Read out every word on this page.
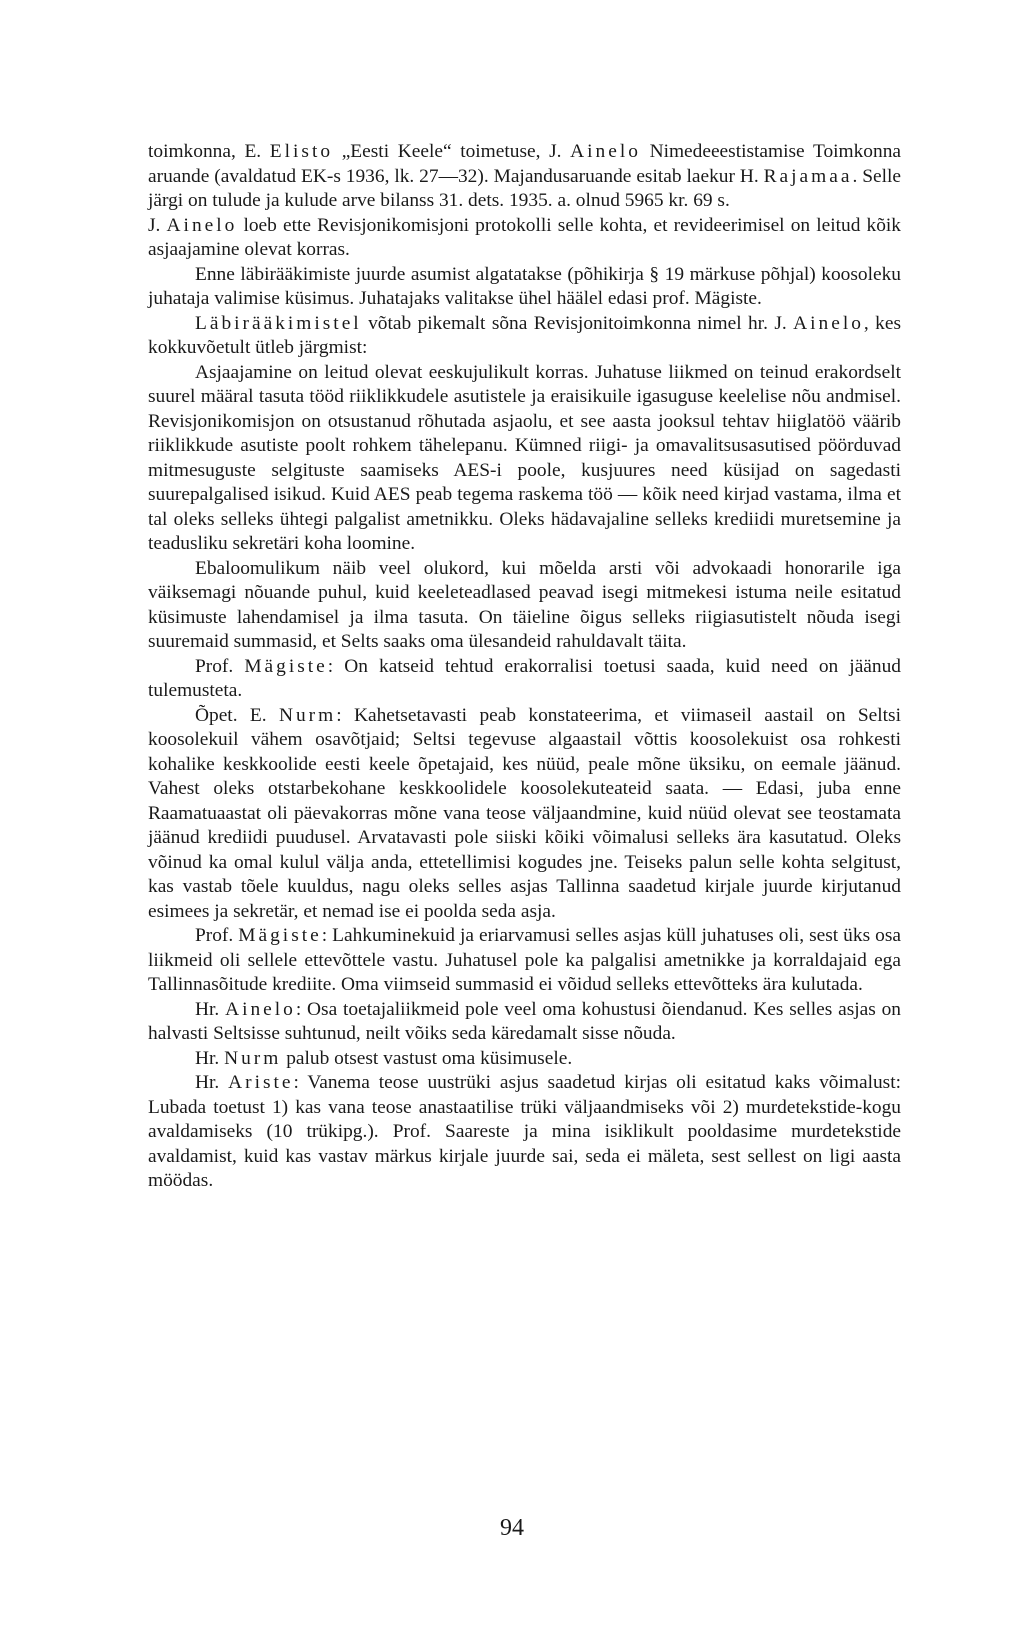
toimkonna, E. Elisto „Eesti Keele“ toimetuse, J. Ainelo Nimedeeestistamise Toimkonna aruande (avaldatud EK-s 1936, lk. 27—32). Majandusaruande esitab laekur H. Rajamaa. Selle järgi on tulude ja kulude arve bilanss 31. dets. 1935. a. olnud 5965 kr. 69 s.

J. Ainelo loeb ette Revisjonikomisjoni protokolli selle kohta, et revideerimisel on leitud kõik asjaajamine olevat korras.

Enne läbirääkimiste juurde asumist algatatakse (põhikirja § 19 märkuse põhjal) koosoleku juhataja valimise küsimus. Juhatajaks valitakse ühel häälel edasi prof. Mägiste.

Läbirääkimistel võtab pikemalt sõna Revisjonitoimkonna nimel hr. J. Ainelo, kes kokkuvõetult ütleb järgmist:

Asjaajamine on leitud olevat eeskujulikult korras. Juhatuse liikmed on teinud erakordselt suurel määral tasuta tööd riiklikkudele asutistele ja eraisikuile igasuguse keelelise nõu andmisel. Revisjonikomisjon on otsustanud rõhutada asjaolu, et see aasta jooksul tehtav hiiglatöö väärib riiklikkude asutiste poolt rohkem tähelepanu. Kümned riigi- ja omavalitsusasutised pöörduvad mitmesuguste selgituste saamiseks AES-i poole, kusjuures need küsijad on sagedasti suurepalgalised isikud. Kuid AES peab tegema raskema töö — kõik need kirjad vastama, ilma et tal oleks selleks ühtegi palgalist ametnikku. Oleks hädavajaline selleks krediidi muretsemine ja teadusliku sekretäri koha loomine.

Ebaloomulikum näib veel olukord, kui mõelda arsti või advokaadi honorarile iga väiksemagi nõuande puhul, kuid keeleteadlased peavad isegi mitmekesi istuma neile esitatud küsimuste lahendamisel ja ilma tasuta. On täieline õigus selleks riigiasutistelt nõuda isegi suuremaid summasid, et Selts saaks oma ülesandeid rahuldavalt täita.

Prof. Mägiste: On katseid tehtud erakorralisi toetusi saada, kuid need on jäänud tulemusteta.

Õpet. E. Nurm: Kahetsetavasti peab konstateerima, et viimaseil aastail on Seltsi koosolekuil vähem osavõtjaid; Seltsi tegevuse algaastail võttis koosolekuist osa rohkesti kohalike keskkoolide eesti keele õpetajaid, kes nüüd, peale mõne üksiku, on eemale jäänud. Vahest oleks otstarbekohane keskkoolidele koosolekuteateid saata. — Edasi, juba enne Raamatuaastat oli päevakorras mõne vana teose väljaandmine, kuid nüüd olevat see teostamata jäänud krediidi puudusel. Arvatavasti pole siiski kõiki võimalusi selleks ära kasutatud. Oleks võinud ka omal kulul välja anda, ettetellimisi kogudes jne. Teiseks palun selle kohta selgitust, kas vastab tõele kuuldus, nagu oleks selles asjas Tallinna saadetud kirjale juurde kirjutanud esimees ja sekretär, et nemad ise ei poolda seda asja.

Prof. Mägiste: Lahkuminekuid ja eriarvamusi selles asjas küll juhatuses oli, sest üks osa liikmeid oli sellele ettevõttele vastu. Juhatusel pole ka palgalisi ametnikke ja korraldajaid ega Tallinnasõitude krediite. Oma viimseid summasid ei võidud selleks ettevõtteks ära kulutada.

Hr. Ainelo: Osa toetajaliikmeid pole veel oma kohustusi õiendanud. Kes selles asjas on halvasti Seltsisse suhtunud, neilt võiks seda käredamalt sisse nõuda.

Hr. Nurm palub otsest vastust oma küsimusele.

Hr. Ariste: Vanema teose uustrüki asjus saadetud kirjas oli esitatud kaks võimalust: Lubada toetust 1) kas vana teose anastaatilise trüki väljaandmiseks või 2) murdetekstide-kogu avaldamiseks (10 trükipg.). Prof. Saareste ja mina isiklikult pooldasime murdetekstide avaldamist, kuid kas vastav märkus kirjale juurde sai, seda ei mäleta, sest sellest on ligi aasta möödas.

94
